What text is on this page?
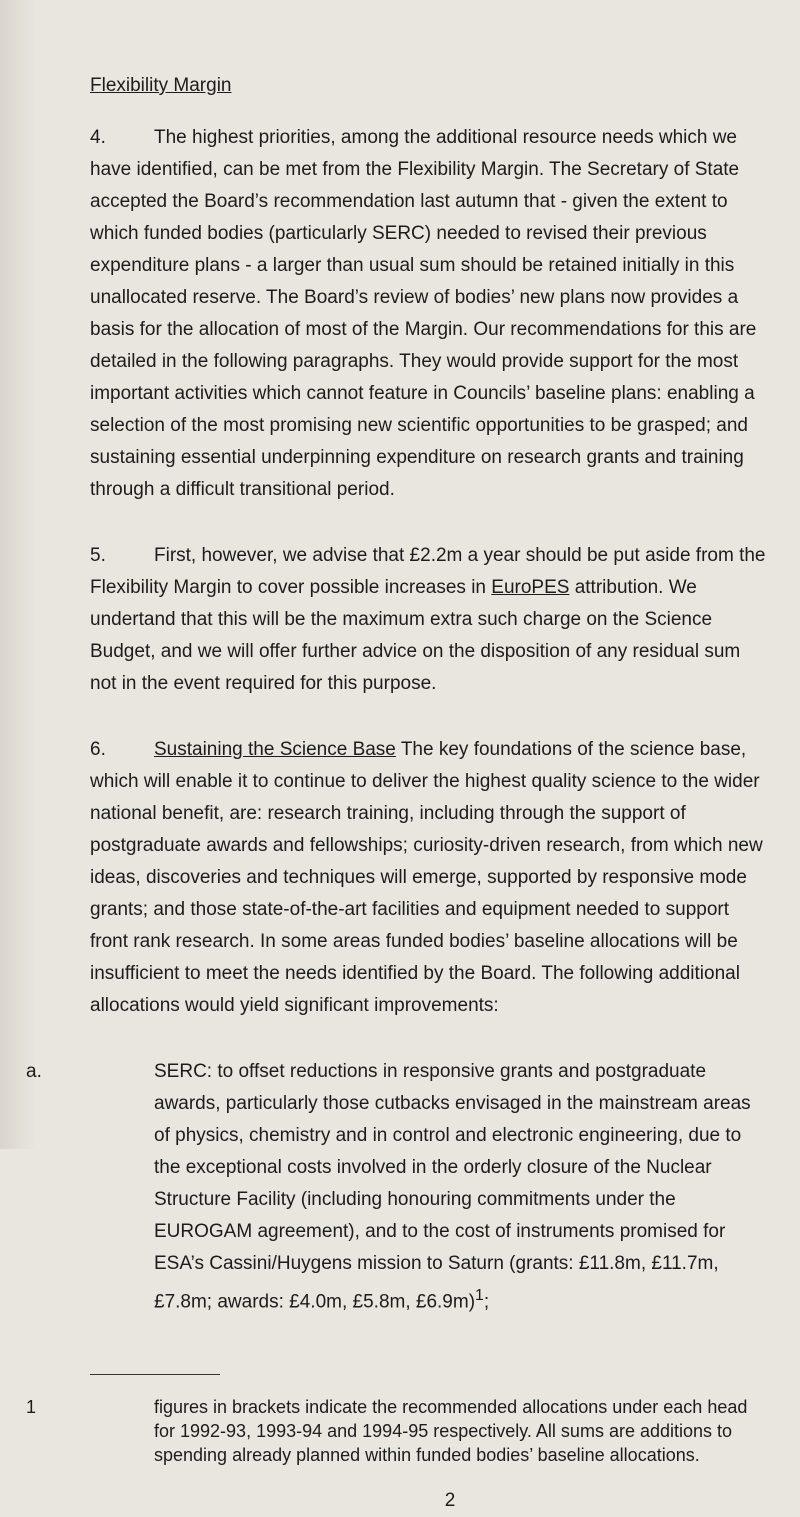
Flexibility Margin

4.	The highest priorities, among the additional resource needs which we have identified, can be met from the Flexibility Margin. The Secretary of State accepted the Board’s recommendation last autumn that - given the extent to which funded bodies (particularly SERC) needed to revised their previous expenditure plans - a larger than usual sum should be retained initially in this unallocated reserve. The Board’s review of bodies’ new plans now provides a basis for the allocation of most of the Margin. Our recommendations for this are detailed in the following paragraphs. They would provide support for the most important activities which cannot feature in Councils’ baseline plans: enabling a selection of the most promising new scientific opportunities to be grasped; and sustaining essential underpinning expenditure on research grants and training through a difficult transitional period.

5.	First, however, we advise that £2.2m a year should be put aside from the Flexibility Margin to cover possible increases in EuroPES attribution. We undertand that this will be the maximum extra such charge on the Science Budget, and we will offer further advice on the disposition of any residual sum not in the event required for this purpose.

6.	Sustaining the Science Base The key foundations of the science base, which will enable it to continue to deliver the highest quality science to the wider national benefit, are: research training, including through the support of postgraduate awards and fellowships; curiosity-driven research, from which new ideas, discoveries and techniques will emerge, supported by responsive mode grants; and those state-of-the-art facilities and equipment needed to support front rank research. In some areas funded bodies’ baseline allocations will be insufficient to meet the needs identified by the Board. The following additional allocations would yield significant improvements:

a.	SERC: to offset reductions in responsive grants and postgraduate awards, particularly those cutbacks envisaged in the mainstream areas of physics, chemistry and in control and electronic engineering, due to the exceptional costs involved in the orderly closure of the Nuclear Structure Facility (including honouring commitments under the EUROGAM agreement), and to the cost of instruments promised for ESA’s Cassini/Huygens mission to Saturn (grants: £11.8m, £11.7m, £7.8m; awards: £4.0m, £5.8m, £6.9m)$^1$;

1	figures in brackets indicate the recommended allocations under each head for 1992-93, 1993-94 and 1994-95 respectively. All sums are additions to spending already planned within funded bodies’ baseline allocations.

2
